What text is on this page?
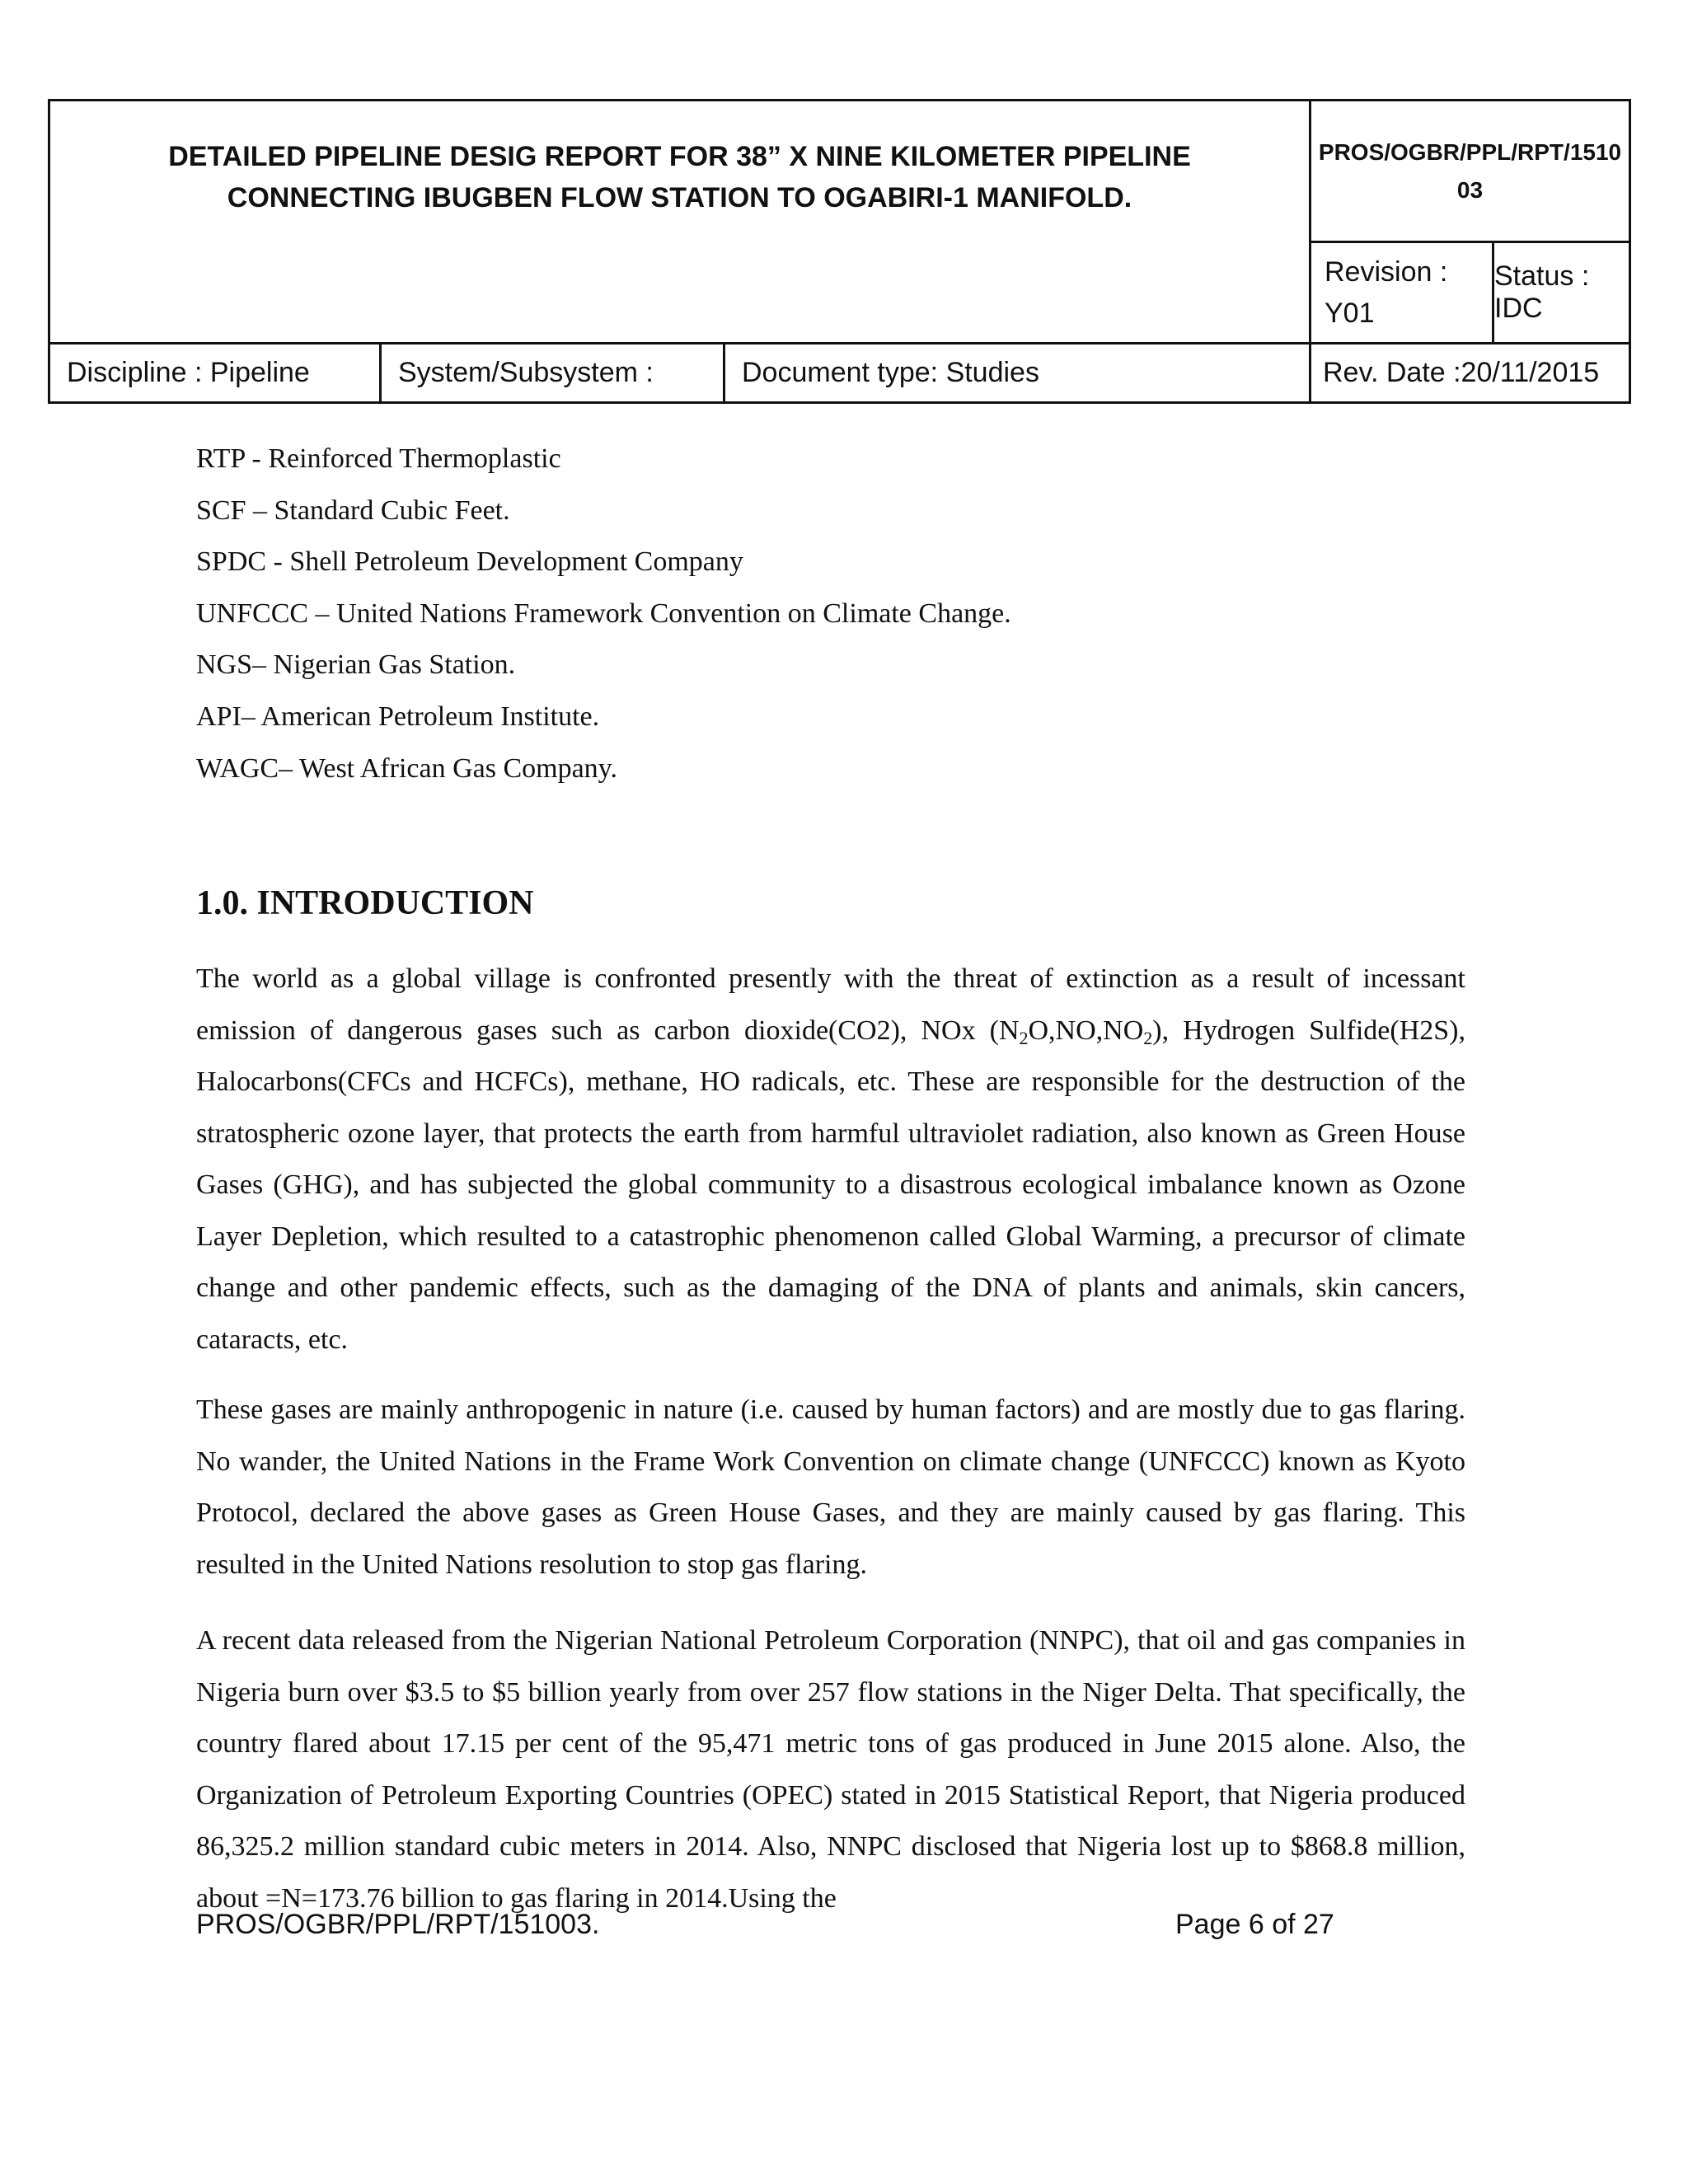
DETAILED PIPELINE DESIG REPORT FOR 38” X NINE KILOMETER PIPELINE CONNECTING IBUGBEN FLOW STATION TO OGABIRI-1 MANIFOLD.
PROS/OGBR/PPL/RPT/151003
Revision : Y01
Status : IDC
Discipline : Pipeline	System/Subsystem :	Document type: Studies	Rev. Date :20/11/2015
RTP - Reinforced Thermoplastic
SCF – Standard Cubic Feet.
SPDC - Shell Petroleum Development Company
UNFCCC – United Nations Framework Convention on Climate Change.
NGS– Nigerian Gas Station.
API– American Petroleum Institute.
WAGC– West African Gas Company.
1.0. INTRODUCTION

The world as a global village is confronted presently with the threat of extinction as a result of incessant emission of dangerous gases such as carbon dioxide(CO2), NOx $(N_2O,NO,NO_2)$, Hydrogen Sulfide(H2S), Halocarbons(CFCs and HCFCs), methane, HO radicals, etc. These are responsible for the destruction of the stratospheric ozone layer, that protects the earth from harmful ultraviolet radiation, also known as Green House Gases (GHG), and has subjected the global community to a disastrous ecological imbalance known as Ozone Layer Depletion, which resulted to a catastrophic phenomenon called Global Warming, a precursor of climate change and other pandemic effects, such as the damaging of the DNA of plants and animals, skin cancers, cataracts, etc.

These gases are mainly anthropogenic in nature (i.e. caused by human factors) and are mostly due to gas flaring. No wander, the United Nations in the Frame Work Convention on climate change (UNFCCC) known as Kyoto Protocol, declared the above gases as Green House Gases, and they are mainly caused by gas flaring. This resulted in the United Nations resolution to stop gas flaring.

A recent data released from the Nigerian National Petroleum Corporation (NNPC), that oil and gas companies in Nigeria burn over $3.5 to $5 billion yearly from over 257 flow stations in the Niger Delta. That specifically, the country flared about 17.15 per cent of the 95,471 metric tons of gas produced in June 2015 alone. Also, the Organization of Petroleum Exporting Countries (OPEC) stated in 2015 Statistical Report, that Nigeria produced 86,325.2 million standard cubic meters in 2014. Also, NNPC disclosed that Nigeria lost up to $868.8 million, about =N=173.76 billion to gas flaring in 2014.Using the

PROS/OGBR/PPL/RPT/151003.	Page 6 of 27
